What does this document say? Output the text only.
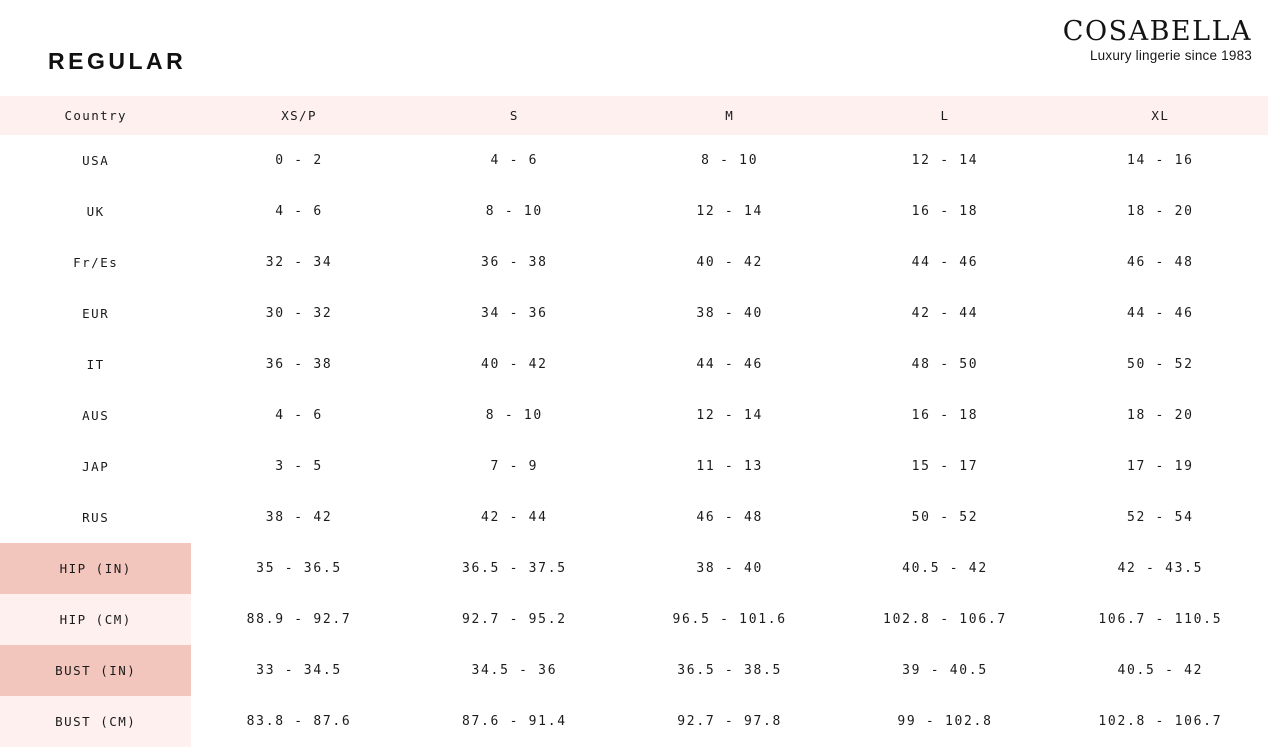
COSABELLA
Luxury lingerie since 1983
REGULAR
Country	XS/P	S	M	L	XL
USA	0 - 2	4 - 6	8 - 10	12 - 14	14 - 16
UK	4 - 6	8 - 10	12 - 14	16 - 18	18 - 20
Fr/Es	32 - 34	36 - 38	40 - 42	44 - 46	46 - 48
EUR	30 - 32	34 - 36	38 - 40	42 - 44	44 - 46
IT	36 - 38	40 - 42	44 - 46	48 - 50	50 - 52
AUS	4 - 6	8 - 10	12 - 14	16 - 18	18 - 20
JAP	3 - 5	7 - 9	11 - 13	15 - 17	17 - 19
RUS	38 - 42	42 - 44	46 - 48	50 - 52	52 - 54
HIP (IN)	35 - 36.5	36.5 - 37.5	38 - 40	40.5 - 42	42 - 43.5
HIP (CM)	88.9 - 92.7	92.7 - 95.2	96.5 - 101.6	102.8 - 106.7	106.7 - 110.5
BUST (IN)	33 - 34.5	34.5 - 36	36.5 - 38.5	39 - 40.5	40.5 - 42
BUST (CM)	83.8 - 87.6	87.6 - 91.4	92.7 - 97.8	99 - 102.8	102.8 - 106.7
